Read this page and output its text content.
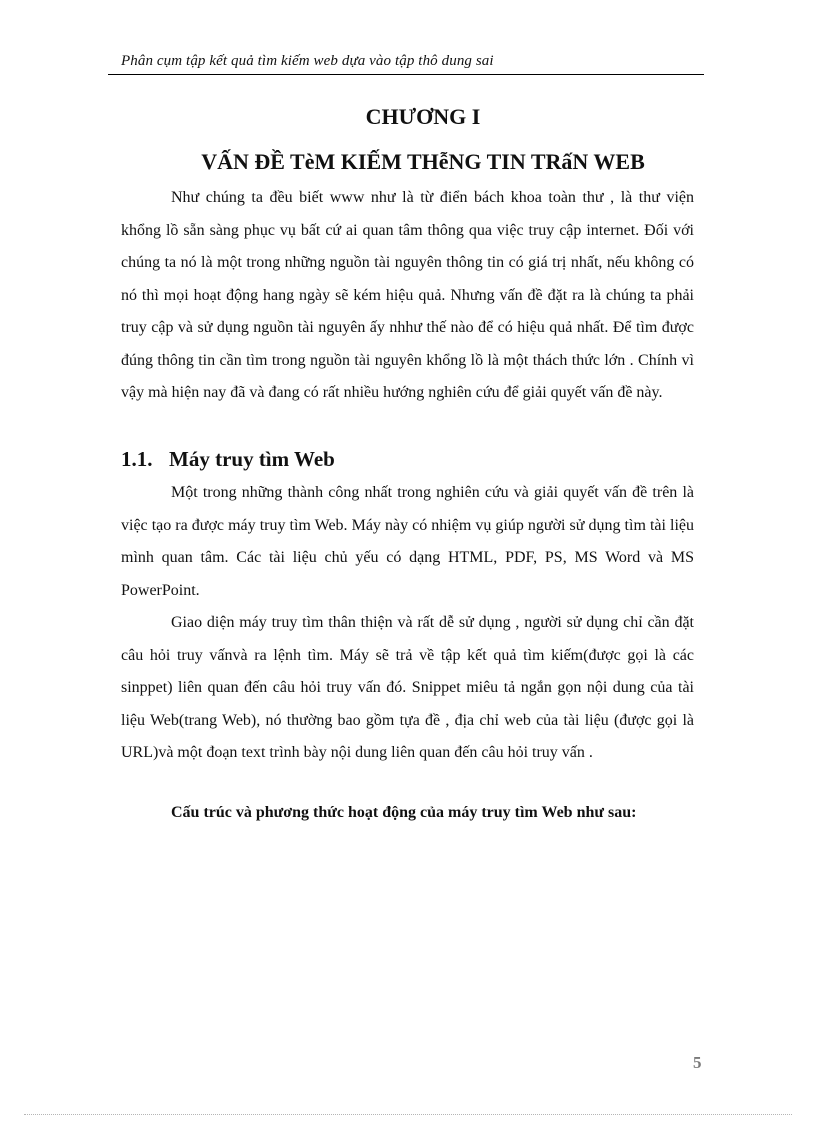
Phân cụm tập kết quả tìm kiếm web dựa vào tập thô dung sai
CHƯƠNG I
VẤN ĐỀ TèM KIẾM THễNG TIN TRấN WEB

Như chúng ta đều biết www như là từ điển bách khoa toàn thư , là thư viện khổng lồ sẵn sàng phục vụ bất cứ ai quan tâm thông qua việc truy cập internet. Đối với chúng ta nó là một trong những nguồn tài nguyên thông tin có giá trị nhất, nếu không có nó thì mọi hoạt động hang ngày sẽ kém hiệu quả. Nhưng vấn đề đặt ra là chúng ta phải truy cập và sử dụng nguồn tài nguyên ấy nhhư thế nào để có hiệu quả nhất. Để tìm được đúng thông tin cần tìm trong nguồn tài nguyên khổng lồ là một thách thức lớn . Chính vì vậy mà hiện nay đã và đang có rất nhiều hướng nghiên cứu để giải quyết vấn đề này.

1.1. Máy truy tìm Web

Một trong những thành công nhất trong nghiên cứu và giải quyết vấn đề trên là việc tạo ra được máy truy tìm Web. Máy này có nhiệm vụ giúp người sử dụng tìm tài liệu mình quan tâm. Các tài liệu chủ yếu có dạng HTML, PDF, PS, MS Word và MS PowerPoint.

Giao diện máy truy tìm thân thiện và rất dễ sử dụng , người sử dụng chỉ cần đặt câu hỏi truy vấnvà ra lệnh tìm. Máy sẽ trả về tập kết quả tìm kiếm(được gọi là các sinppet) liên quan đến câu hỏi truy vấn đó. Snippet miêu tả ngắn gọn nội dung của tài liệu Web(trang Web), nó thường bao gồm tựa đề , địa chỉ web của tài liệu (được gọi là URL)và một đoạn text trình bày nội dung liên quan đến câu hỏi truy vấn .

Cấu trúc và phương thức hoạt động của máy truy tìm Web như sau:
5
